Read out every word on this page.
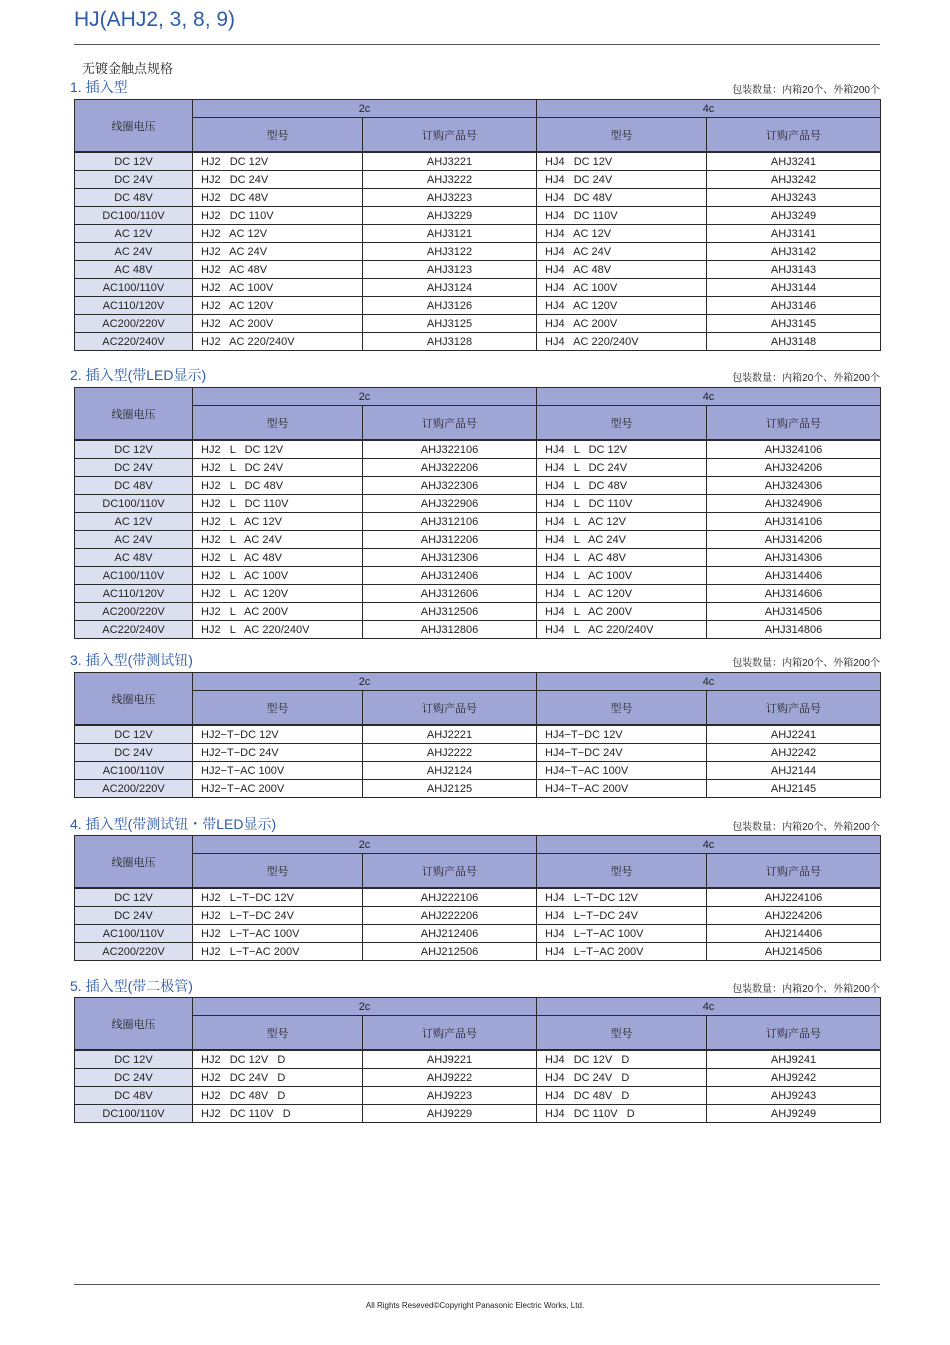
HJ(AHJ2, 3, 8, 9)
无镀金触点规格
1. 插入型	包装数量：内箱20个、外箱200个
线圈电压	2c		4c	
	型号	订购产品号	型号	订购产品号
DC 12V	HJ2   DC 12V	AHJ3221	HJ4   DC 12V	AHJ3241
DC 24V	HJ2   DC 24V	AHJ3222	HJ4   DC 24V	AHJ3242
DC 48V	HJ2   DC 48V	AHJ3223	HJ4   DC 48V	AHJ3243
DC100/110V	HJ2   DC 110V	AHJ3229	HJ4   DC 110V	AHJ3249
AC 12V	HJ2   AC 12V	AHJ3121	HJ4   AC 12V	AHJ3141
AC 24V	HJ2   AC 24V	AHJ3122	HJ4   AC 24V	AHJ3142
AC 48V	HJ2   AC 48V	AHJ3123	HJ4   AC 48V	AHJ3143
AC100/110V	HJ2   AC 100V	AHJ3124	HJ4   AC 100V	AHJ3144
AC110/120V	HJ2   AC 120V	AHJ3126	HJ4   AC 120V	AHJ3146
AC200/220V	HJ2   AC 200V	AHJ3125	HJ4   AC 200V	AHJ3145
AC220/240V	HJ2   AC 220/240V	AHJ3128	HJ4   AC 220/240V	AHJ3148
2. 插入型(带LED显示)	包装数量：内箱20个、外箱200个
线圈电压	2c		4c	
	型号	订购产品号	型号	订购产品号
DC 12V	HJ2   L   DC 12V	AHJ322106	HJ4   L   DC 12V	AHJ324106
DC 24V	HJ2   L   DC 24V	AHJ322206	HJ4   L   DC 24V	AHJ324206
DC 48V	HJ2   L   DC 48V	AHJ322306	HJ4   L   DC 48V	AHJ324306
DC100/110V	HJ2   L   DC 110V	AHJ322906	HJ4   L   DC 110V	AHJ324906
AC 12V	HJ2   L   AC 12V	AHJ312106	HJ4   L   AC 12V	AHJ314106
AC 24V	HJ2   L   AC 24V	AHJ312206	HJ4   L   AC 24V	AHJ314206
AC 48V	HJ2   L   AC 48V	AHJ312306	HJ4   L   AC 48V	AHJ314306
AC100/110V	HJ2   L   AC 100V	AHJ312406	HJ4   L   AC 100V	AHJ314406
AC110/120V	HJ2   L   AC 120V	AHJ312606	HJ4   L   AC 120V	AHJ314606
AC200/220V	HJ2   L   AC 200V	AHJ312506	HJ4   L   AC 200V	AHJ314506
AC220/240V	HJ2   L   AC 220/240V	AHJ312806	HJ4   L   AC 220/240V	AHJ314806
3. 插入型(带测试钮)	包装数量：内箱20个、外箱200个
线圈电压	2c		4c	
	型号	订购产品号	型号	订购产品号
DC 12V	HJ2−T−DC 12V	AHJ2221	HJ4−T−DC 12V	AHJ2241
DC 24V	HJ2−T−DC 24V	AHJ2222	HJ4−T−DC 24V	AHJ2242
AC100/110V	HJ2−T−AC 100V	AHJ2124	HJ4−T−AC 100V	AHJ2144
AC200/220V	HJ2−T−AC 200V	AHJ2125	HJ4−T−AC 200V	AHJ2145
4. 插入型(带测试钮・带LED显示)	包装数量：内箱20个、外箱200个
线圈电压	2c		4c	
	型号	订购产品号	型号	订购产品号
DC 12V	HJ2   L−T−DC 12V	AHJ222106	HJ4   L−T−DC 12V	AHJ224106
DC 24V	HJ2   L−T−DC 24V	AHJ222206	HJ4   L−T−DC 24V	AHJ224206
AC100/110V	HJ2   L−T−AC 100V	AHJ212406	HJ4   L−T−AC 100V	AHJ214406
AC200/220V	HJ2   L−T−AC 200V	AHJ212506	HJ4   L−T−AC 200V	AHJ214506
5. 插入型(带二极管)	包装数量：内箱20个、外箱200个
线圈电压	2c		4c	
	型号	订购产品号	型号	订购产品号
DC 12V	HJ2   DC 12V   D	AHJ9221	HJ4   DC 12V   D	AHJ9241
DC 24V	HJ2   DC 24V   D	AHJ9222	HJ4   DC 24V   D	AHJ9242
DC 48V	HJ2   DC 48V   D	AHJ9223	HJ4   DC 48V   D	AHJ9243
DC100/110V	HJ2   DC 110V   D	AHJ9229	HJ4   DC 110V   D	AHJ9249
All Rights Reseved©Copyright Panasonic Electric Works, Ltd.
